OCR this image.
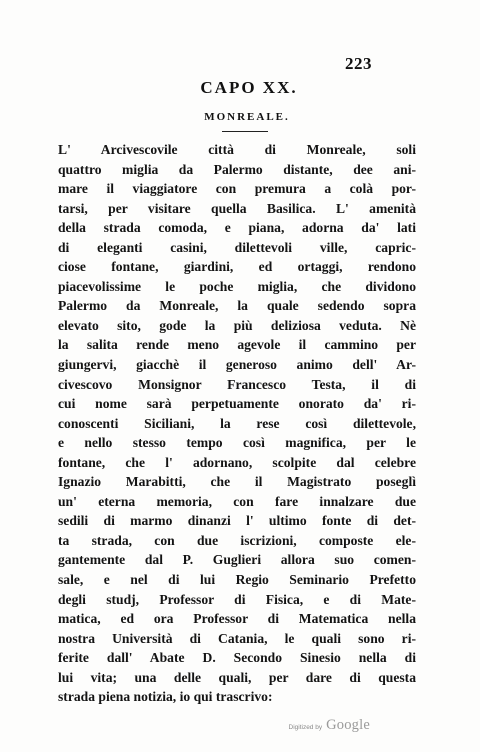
223
CAPO XX.
MONREALE.
L' Arcivescovile città di Monreale, soli
quattro miglia da Palermo distante, dee ani-
mare il viaggiatore con premura a colà por-
tarsi, per visitare quella Basilica. L' amenità
della strada comoda, e piana, adorna da' lati
di eleganti casini, dilettevoli ville, capric-
ciose fontane, giardini, ed ortaggi, rendono
piacevolissime le poche miglia, che dividono
Palermo da Monreale, la quale sedendo sopra
elevato sito, gode la più deliziosa veduta. Nè
la salita rende meno agevole il cammino per
giungervi, giacchè il generoso animo dell' Ar-
civescovo Monsignor Francesco Testa, il di
cui nome sarà perpetuamente onorato da' ri-
conoscenti Siciliani, la rese così dilettevole,
e nello stesso tempo così magnifica, per le
fontane, che l' adornano, scolpite dal celebre
Ignazio Marabitti, che il Magistrato poseglì
un' eterna memoria, con fare innalzare due
sedili di marmo dinanzi l' ultimo fonte di det-
ta strada, con due iscrizioni, composte ele-
gantemente dal P. Guglieri allora suo comen-
sale, e nel di lui Regio Seminario Prefetto
degli studj, Professor di Fisica, e di Mate-
matica, ed ora Professor di Matematica nella
nostra Università di Catania, le quali sono ri-
ferite dall' Abate D. Secondo Sinesio nella di
lui vita; una delle quali, per dare di questa
strada piena notizia, io qui trascrivo:
Digitized by Google
